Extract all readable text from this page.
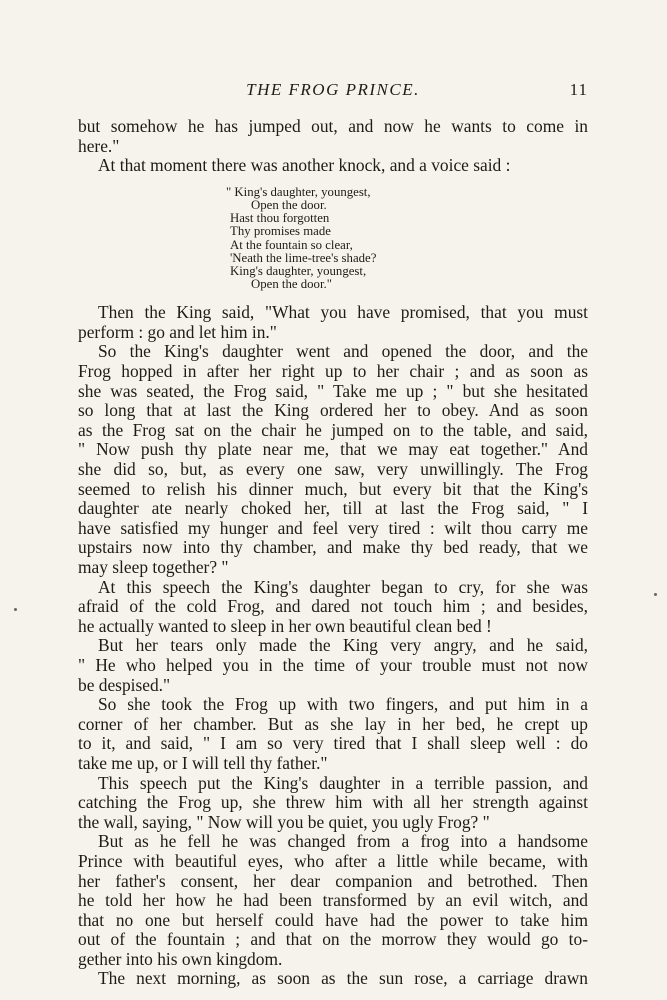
THE FROG PRINCE.	11
but somehow he has jumped out, and now he wants to come in
here."
At that moment there was another knock, and a voice said :
" King's daughter, youngest,
Open the door.
Hast thou forgotten
Thy promises made
At the fountain so clear,
'Neath the lime-tree's shade?
King's daughter, youngest,
Open the door."
Then the King said, "What you have promised, that you must
perform : go and let him in."
So the King's daughter went and opened the door, and the
Frog hopped in after her right up to her chair ; and as soon as
she was seated, the Frog said, " Take me up ; " but she hesitated
so long that at last the King ordered her to obey. And as soon
as the Frog sat on the chair he jumped on to the table, and said,
" Now push thy plate near me, that we may eat together." And
she did so, but, as every one saw, very unwillingly. The Frog
seemed to relish his dinner much, but every bit that the King's
daughter ate nearly choked her, till at last the Frog said, " I
have satisfied my hunger and feel very tired : wilt thou carry me
upstairs now into thy chamber, and make thy bed ready, that we
may sleep together? "
At this speech the King's daughter began to cry, for she was
afraid of the cold Frog, and dared not touch him ; and besides,
he actually wanted to sleep in her own beautiful clean bed !
But her tears only made the King very angry, and he said,
" He who helped you in the time of your trouble must not now
be despised."
So she took the Frog up with two fingers, and put him in a
corner of her chamber. But as she lay in her bed, he crept up
to it, and said, " I am so very tired that I shall sleep well : do
take me up, or I will tell thy father."
This speech put the King's daughter in a terrible passion, and
catching the Frog up, she threw him with all her strength against
the wall, saying, " Now will you be quiet, you ugly Frog? "
But as he fell he was changed from a frog into a handsome
Prince with beautiful eyes, who after a little while became, with
her father's consent, her dear companion and betrothed. Then
he told her how he had been transformed by an evil witch, and
that no one but herself could have had the power to take him
out of the fountain ; and that on the morrow they would go to-
gether into his own kingdom.
The next morning, as soon as the sun rose, a carriage drawn
